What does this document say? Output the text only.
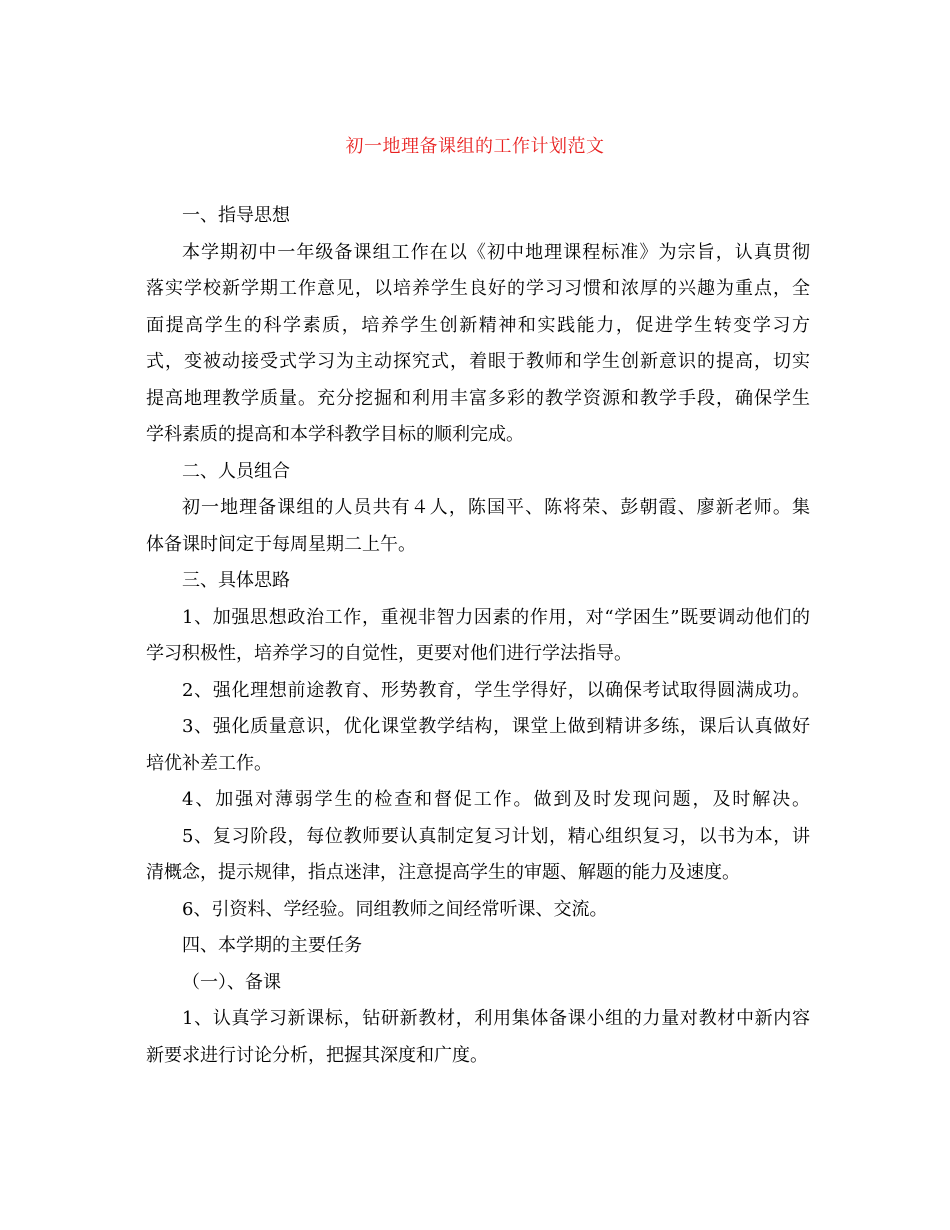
初一地理备课组的工作计划范文

一、指导思想

本学期初中一年级备课组工作在以《初中地理课程标准》为宗旨，认真贯彻

落实学校新学期工作意见，以培养学生良好的学习习惯和浓厚的兴趣为重点，全

面提高学生的科学素质，培养学生创新精神和实践能力，促进学生转变学习方

式，变被动接受式学习为主动探究式，着眼于教师和学生创新意识的提高，切实

提高地理教学质量。充分挖掘和利用丰富多彩的教学资源和教学手段，确保学生

学科素质的提高和本学科教学目标的顺利完成。

二、人员组合

初一地理备课组的人员共有４人，陈国平、陈将荣、彭朝霞、廖新老师。集

体备课时间定于每周星期二上午。

三、具体思路

1、加强思想政治工作，重视非智力因素的作用，对“学困生”既要调动他们的

学习积极性，培养学习的自觉性，更要对他们进行学法指导。

2、强化理想前途教育、形势教育，学生学得好，以确保考试取得圆满成功。

3、强化质量意识，优化课堂教学结构，课堂上做到精讲多练，课后认真做好

培优补差工作。

4、加强对薄弱学生的检查和督促工作。做到及时发现问题，及时解决。

5、复习阶段，每位教师要认真制定复习计划，精心组织复习，以书为本，讲

清概念，提示规律，指点迷津，注意提高学生的审题、解题的能力及速度。

6、引资料、学经验。同组教师之间经常听课、交流。

四、本学期的主要任务

（一）、备课

1、认真学习新课标，钻研新教材，利用集体备课小组的力量对教材中新内容

新要求进行讨论分析，把握其深度和广度。
